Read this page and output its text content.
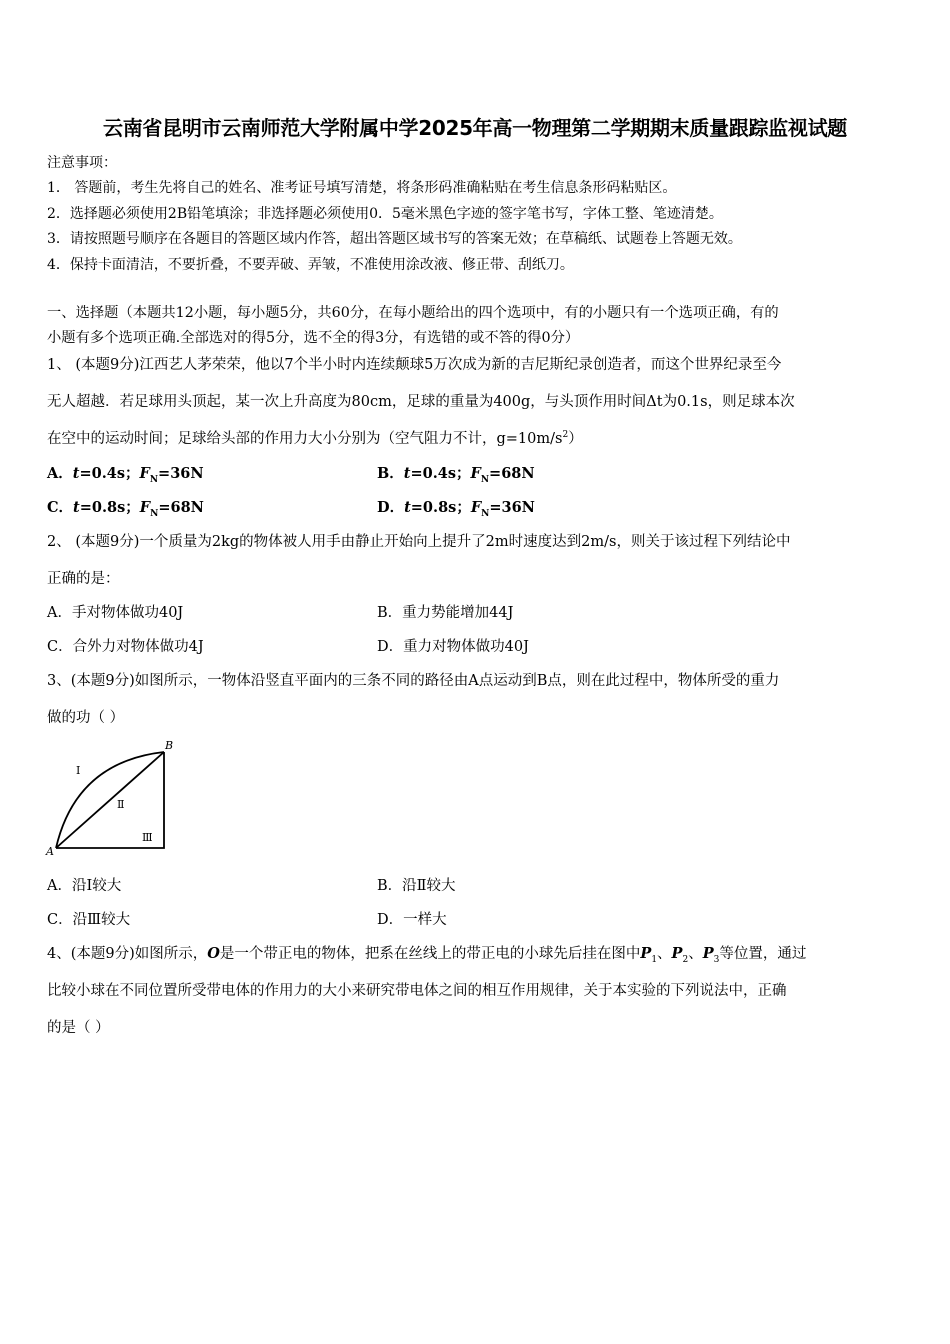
云南省昆明市云南师范大学附属中学2025年高一物理第二学期期末质量跟踪监视试题
注意事项：
1． 答题前，考生先将自己的姓名、准考证号填写清楚，将条形码准确粘贴在考生信息条形码粘贴区。
2．选择题必须使用2B铅笔填涂；非选择题必须使用0．5毫米黑色字迹的签字笔书写，字体工整、笔迹清楚。
3．请按照题号顺序在各题目的答题区域内作答，超出答题区域书写的答案无效；在草稿纸、试题卷上答题无效。
4．保持卡面清洁，不要折叠，不要弄破、弄皱，不准使用涂改液、修正带、刮纸刀。
一、选择题（本题共12小题，每小题5分，共60分，在每小题给出的四个选项中，有的小题只有一个选项正确，有的
小题有多个选项正确.全部选对的得5分，选不全的得3分，有选错的或不答的得0分）
1、 (本题9分)江西艺人茅荣荣，他以7个半小时内连续颠球5万次成为新的吉尼斯纪录创造者，而这个世界纪录至今
无人超越．若足球用头顶起，某一次上升高度为80cm，足球的重量为400g，与头顶作用时间Δt为0.1s，则足球本次
在空中的运动时间；足球给头部的作用力大小分别为（空气阻力不计，$g=10m/s^2$）
A．t=0.4s；$F_N=36N$	B．t=0.4s；$F_N=68N$
C．t=0.8s；$F_N=68N$	D．t=0.8s；$F_N=36N$
2、 (本题9分)一个质量为2kg的物体被人用手由静止开始向上提升了2m时速度达到2m/s，则关于该过程下列结论中
正确的是：
A．手对物体做功40J	B．重力势能增加44J
C．合外力对物体做功4J	D．重力对物体做功40J
3、(本题9分)如图所示，一物体沿竖直平面内的三条不同的路径由A点运动到B点，则在此过程中，物体所受的重力
做的功（ ）
A
B
Ⅰ
Ⅱ
Ⅲ
A．沿Ⅰ较大	B．沿Ⅱ较大
C．沿Ⅲ较大	D．一样大
4、(本题9分)如图所示，O是一个带正电的物体，把系在丝线上的带正电的小球先后挂在图中$P_1$、$P_2$、$P_3$等位置，通过
比较小球在不同位置所受带电体的作用力的大小来研究带电体之间的相互作用规律，关于本实验的下列说法中，正确
的是（ ）
